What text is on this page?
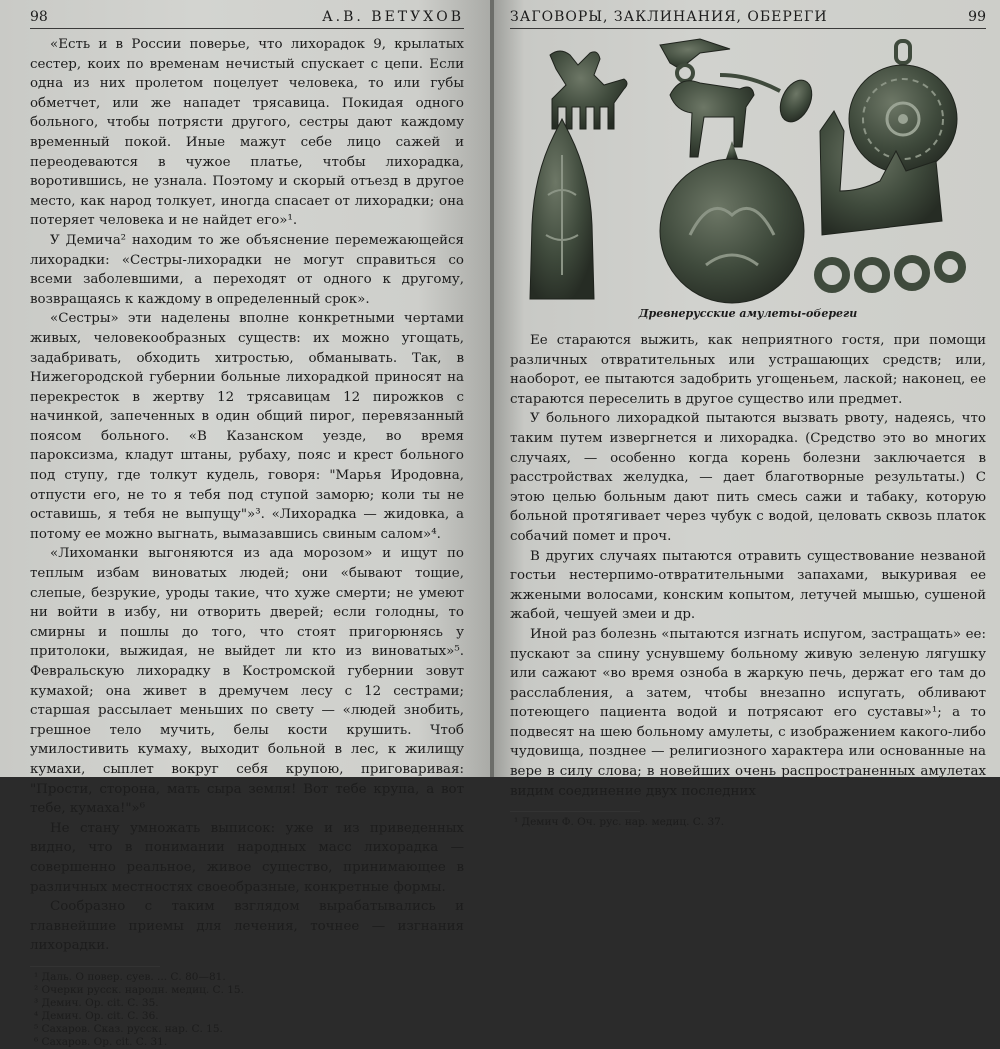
98	А.В. ВЕТУХОВ

«Есть и в России поверье, что лихорадок 9, крылатых сестер, коих по временам нечистый спускает с цепи. Если одна из них пролетом поцелует человека, то или губы обметчет, или же нападет трясавица. Покидая одного больного, чтобы потрясти другого, сестры дают каждому временный покой. Иные мажут себе лицо сажей и переодеваются в чужое платье, чтобы лихорадка, воротившись, не узнала. Поэтому и скорый отъезд в другое место, как народ толкует, иногда спасает от лихорадки; она потеряет человека и не найдет его»¹.

У Демича² находим то же объяснение перемежающейся лихорадки: «Сестры-лихорадки не могут справиться со всеми заболевшими, а переходят от одного к другому, возвращаясь к каждому в определенный срок».

«Сестры» эти наделены вполне конкретными чертами живых, человекообразных существ: их можно угощать, задабривать, обходить хитростью, обманывать. Так, в Нижегородской губернии больные лихорадкой приносят на перекресток в жертву 12 трясавицам 12 пирожков с начинкой, запеченных в один общий пирог, перевязанный поясом больного. «В Казанском уезде, во время пароксизма, кладут штаны, рубаху, пояс и крест больного под ступу, где толкут кудель, говоря: "Марья Иродовна, отпусти его, не то я тебя под ступой заморю; коли ты не оставишь, я тебя не выпущу"»³. «Лихорадка — жидовка, а потому ее можно выгнать, вымазавшись свиным салом»⁴.

«Лихоманки выгоняются из ада морозом» и ищут по теплым избам виноватых людей; они «бывают тощие, слепые, безрукие, уроды такие, что хуже смерти; не умеют ни войти в избу, ни отворить дверей; если голодны, то смирны и пошлы до того, что стоят пригорюнясь у притолоки, выжидая, не выйдет ли кто из виноватых»⁵. Февральскую лихорадку в Костромской губернии зовут кумахой; она живет в дремучем лесу с 12 сестрами; старшая рассылает меньших по свету — «людей знобить, грешное тело мучить, белы кости крушить. Чтоб умилостивить кумаху, выходит больной в лес, к жилищу кумахи, сыплет вокруг себя крупою, приговаривая: "Прости, сторона, мать сыра земля! Вот тебе крупа, а вот тебе, кумаха!"»⁶

Не стану умножать выписок: уже и из приведенных видно, что в понимании народных масс лихорадка — совершенно реальное, живое существо, принимающее в различных местностях своеобразные, конкретные формы.

Сообразно с таким взглядом вырабатывались и главнейшие приемы для лечения, точнее — изгнания лихорадки.

¹ Даль. О повер. суев. ... С. 80—81.

² Очерки русск. народн. медиц. С. 15.

³ Демич. Op. cit. С. 35.

⁴ Демич. Op. cit. С. 36.

⁵ Сахаров. Сказ. русск. нар. С. 15.

⁶ Сахаров. Op. cit. С. 31.

ЗАГОВОРЫ, ЗАКЛИНАНИЯ, ОБЕРЕГИ	99

Древнерусские амулеты-обереги

Ее стараются выжить, как неприятного гостя, при помощи различных отвратительных или устрашающих средств; или, наоборот, ее пытаются задобрить угощеньем, лаской; наконец, ее стараются переселить в другое существо или предмет.

У больного лихорадкой пытаются вызвать рвоту, надеясь, что таким путем извергнется и лихорадка. (Средство это во многих случаях, — особенно когда корень болезни заключается в расстройствах желудка, — дает благотворные результаты.) С этою целью больным дают пить смесь сажи и табаку, которую больной протягивает через чубук с водой, целовать сквозь платок собачий помет и проч.

В других случаях пытаются отравить существование незваной гостьи нестерпимо-отвратительными запахами, выкуривая ее жжеными волосами, конским копытом, летучей мышью, сушеной жабой, чешуей змеи и др.

Иной раз болезнь «пытаются изгнать испугом, застращать» ее: пускают за спину уснувшему больному живую зеленую лягушку или сажают «во время озноба в жаркую печь, держат его там до расслабления, а затем, чтобы внезапно испугать, обливают потеющего пациента водой и потрясают его суставы»¹; а то подвесят на шею больному амулеты, с изображением какого-либо чудовища, позднее — религиозного характера или основанные на вере в силу слова; в новейших очень распространенных амулетах видим соединение двух последних

¹ Демич Ф. Оч. рус. нар. медиц. С. 37.
